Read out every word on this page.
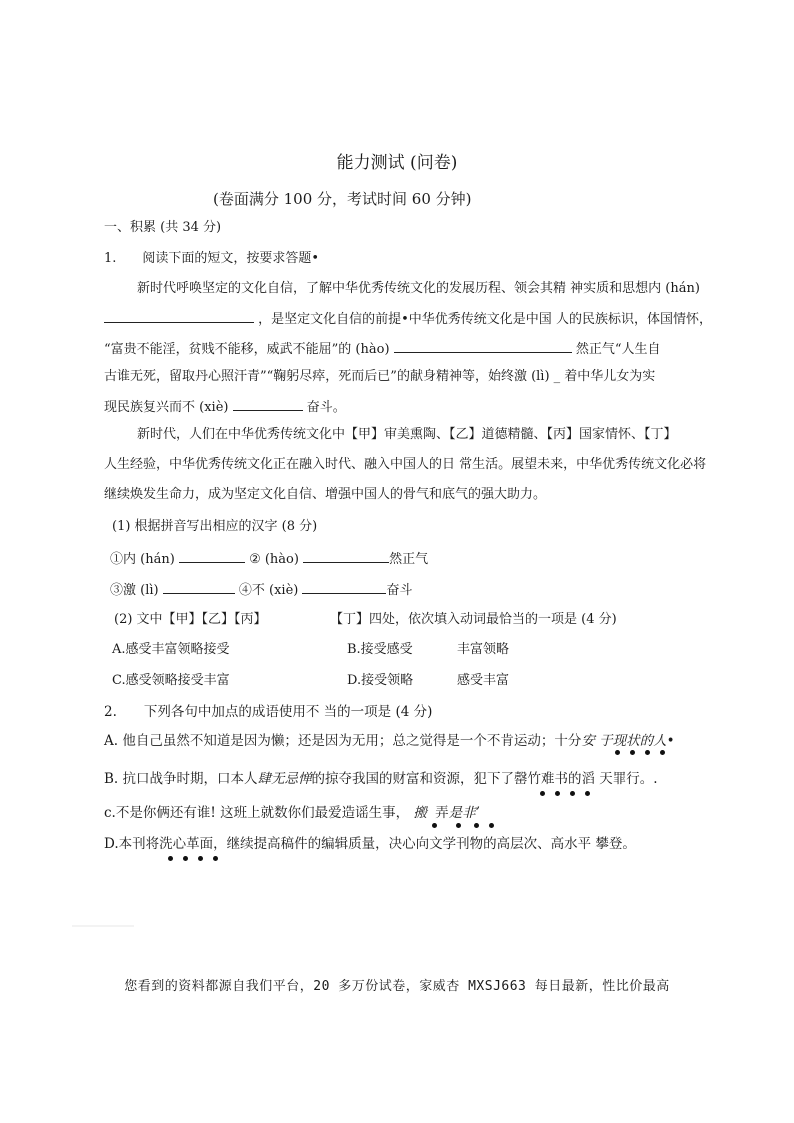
能力测试 (问卷)
(卷面满分 100 分，考试时间 60 分钟)
一、积累 (共 34 分)
1.　　阅读下面的短文，按要求答题•
新时代呼唤坚定的文化自信，了解中华优秀传统文化的发展历程、领会其精 神实质和思想内 (hán)
，是坚定文化自信的前提•中华优秀传统文化是中国 人的民族标识，体国情怀，
“富贵不能淫，贫贱不能移，威武不能屈”的 (hào)	然正气“人生自
古谁无死，留取丹心照汗青”“鞠躬尽瘁，死而后已”的献身精神等，始终激 (lì) _ 着中华儿女为实
现民族复兴而不 (xiè)	奋斗。
新时代，人们在中华优秀传统文化中【甲】审美熏陶、【乙】道德精髓、【丙】国家情怀、【丁】
人生经验，中华优秀传统文化正在融入时代、融入中国人的日 常生活。展望未来，中华优秀传统文化必将
继续焕发生命力，成为坚定文化自信、增强中国人的骨气和底气的强大助力。
(1) 根据拼音写出相应的汉字 (8 分)
①内 (hán)	② (hào)	然正气
③激 (lì)	④不 (xiè)	奋斗
(2) 文中【甲】【乙】【丙】	【丁】四处，依次填入动词最恰当的一项是 (4 分)
A.感受丰富领略接受	B.接受感受	丰富领略
C.感受领略接受丰富	D.接受领略	感受丰富
2.　　下列各句中加点的成语使用不 当的一项是 (4 分)
A. 他自己虽然不知道是因为懒；还是因为无用；总之觉得是一个不肯运动；十分安 于现状的人•
B. 抗口战争时期，口本人肆无忌惮的掠夺我国的财富和资源，犯下了罄竹难书的滔 天罪行。.
c.不是你俩还有谁! 这班上就数你们最爱造谣生事， 搬 弄是非’
D.本刊将洗心革面，继续提高稿件的编辑质量，决心向文学刊物的高层次、高水平 攀登。
您看到的资料都源自我们平台，20 多万份试卷，家威杏 MXSJ663 每日最新，性比价最高
